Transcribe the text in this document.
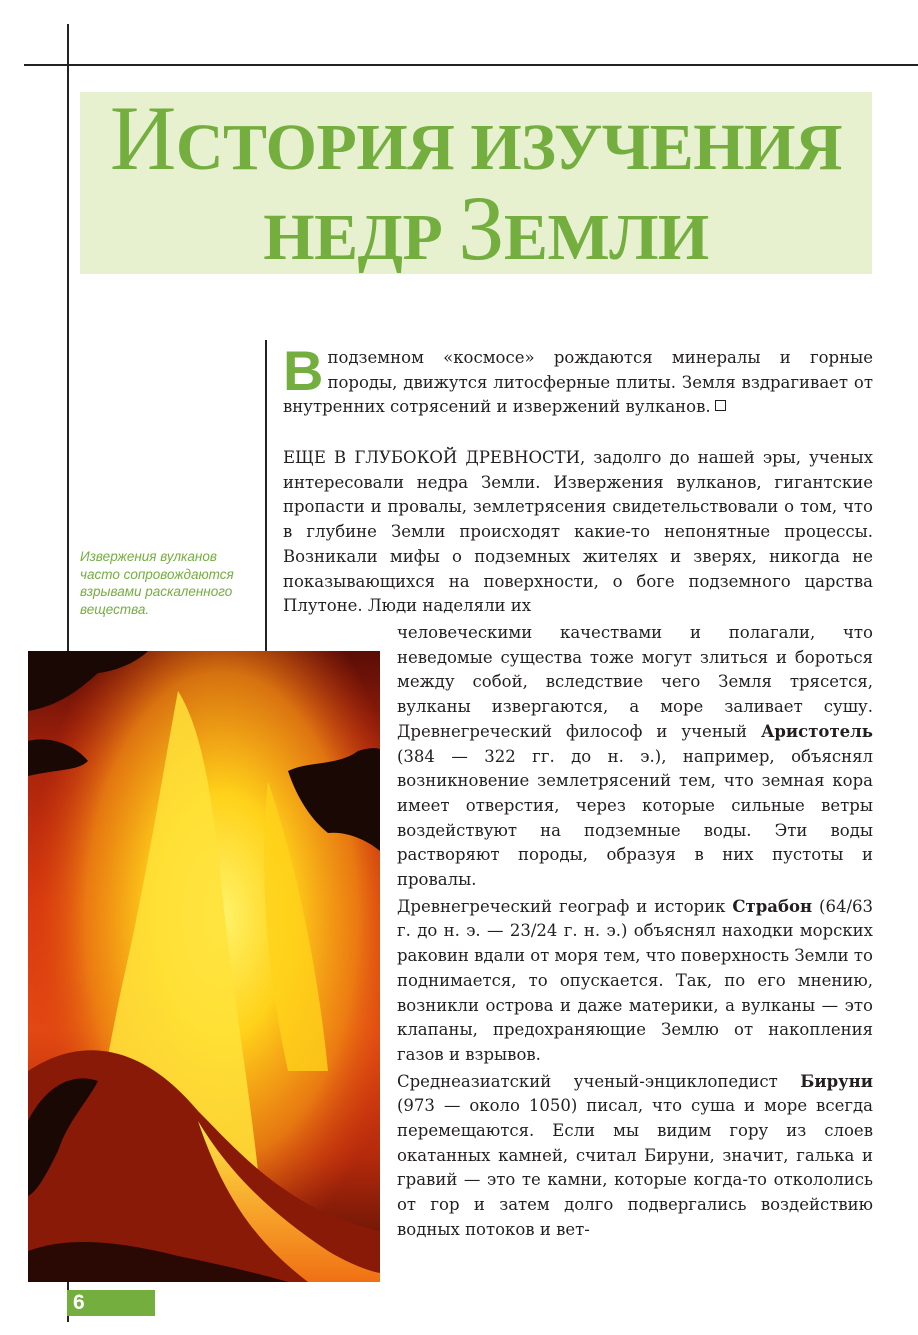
ИСТОРИЯ ИЗУЧЕНИЯ
НЕДР ЗЕМЛИ
Вподземном «космосе» рождаются минералы и горные породы, движутся литосферные плиты. Земля вздрагивает от внутренних сотрясений и извержений вулканов.
Извержения вулканов часто сопровождаются взрывами раскаленного вещества.

ЕЩЕ В ГЛУБОКОЙ ДРЕВНОСТИ, задолго до нашей эры, ученых интересовали недра Земли. Извержения вулканов, гигантские пропасти и провалы, землетрясения свидетельствовали о том, что в глубине Земли происходят какие-то непонятные процессы. Возникали мифы о подземных жителях и зверях, никогда не показывающихся на поверхности, о боге подземного царства Плутоне. Люди наделяли их

человеческими качествами и полагали, что неведомые существа тоже могут злиться и бороться между собой, вследствие чего Земля трясется, вулканы извергаются, а море заливает сушу. Древнегреческий философ и ученый Аристотель (384 — 322 гг. до н. э.), например, объяснял возникновение землетрясений тем, что земная кора имеет отверстия, через которые сильные ветры воздействуют на подземные воды. Эти воды растворяют породы, образуя в них пустоты и провалы.

Древнегреческий географ и историк Страбон (64/63 г. до н. э. — 23/24 г. н. э.) объяснял находки морских раковин вдали от моря тем, что поверхность Земли то поднимается, то опускается. Так, по его мнению, возникли острова и даже материки, а вулканы — это клапаны, предохраняющие Землю от накопления газов и взрывов.

Среднеазиатский ученый-энциклопедист Бируни (973 — около 1050) писал, что суша и море всегда перемещаются. Если мы видим гору из слоев окатанных камней, считал Бируни, значит, галька и гравий — это те камни, которые когда-то откололись от гор и затем долго подвергались воздействию водных потоков и вет-

6
